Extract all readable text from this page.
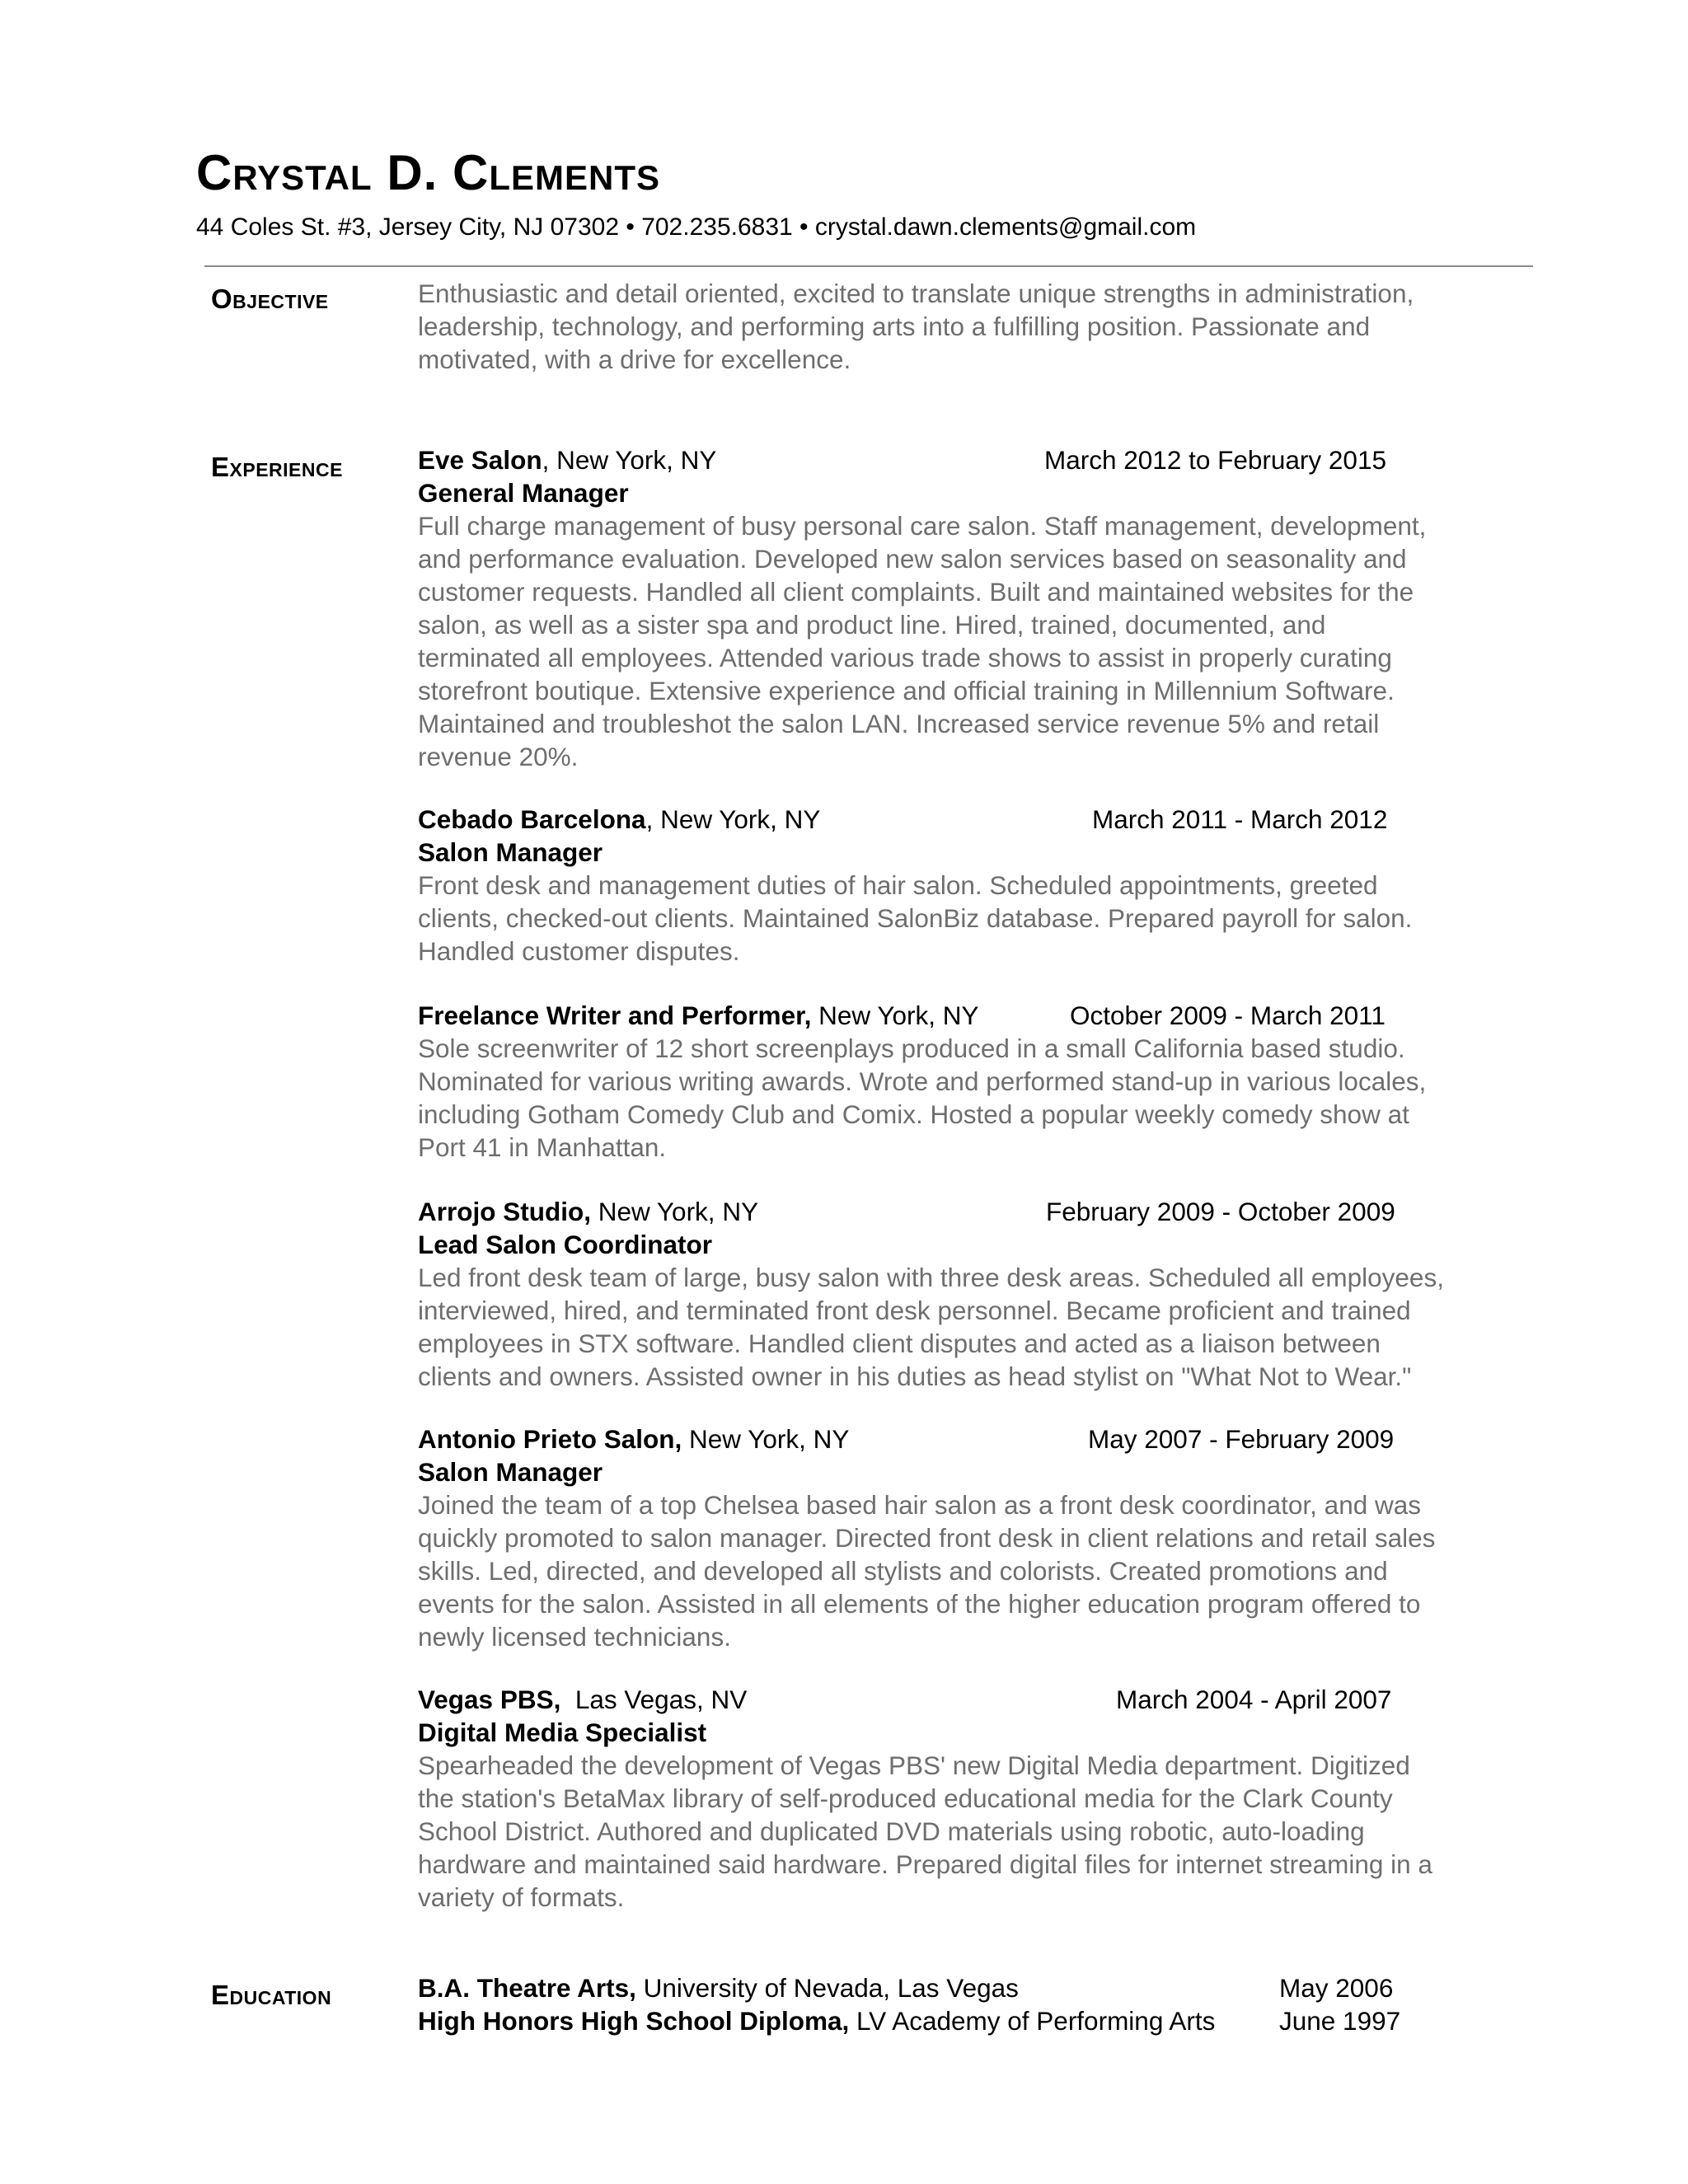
Crystal D. Clements
44 Coles St. #3, Jersey City, NJ 07302 • 702.235.6831 • crystal.dawn.clements@gmail.com
Objective	Enthusiastic and detail oriented, excited to translate unique strengths in administration,
leadership, technology, and performing arts into a fulfilling position. Passionate and
motivated, with a drive for excellence.
Experience	Eve Salon, New York, NY	March 2012 to February 2015
General Manager
Full charge management of busy personal care salon. Staff management, development,
and performance evaluation. Developed new salon services based on seasonality and
customer requests. Handled all client complaints. Built and maintained websites for the
salon, as well as a sister spa and product line. Hired, trained, documented, and
terminated all employees. Attended various trade shows to assist in properly curating
storefront boutique. Extensive experience and official training in Millennium Software.
Maintained and troubleshot the salon LAN. Increased service revenue 5% and retail
revenue 20%.
Cebado Barcelona, New York, NY	March 2011 - March 2012
Salon Manager
Front desk and management duties of hair salon. Scheduled appointments, greeted
clients, checked-out clients. Maintained SalonBiz database. Prepared payroll for salon.
Handled customer disputes.
Freelance Writer and Performer, New York, NY	October 2009 - March 2011
Sole screenwriter of 12 short screenplays produced in a small California based studio.
Nominated for various writing awards. Wrote and performed stand-up in various locales,
including Gotham Comedy Club and Comix. Hosted a popular weekly comedy show at
Port 41 in Manhattan.
Arrojo Studio, New York, NY	February 2009 - October 2009
Lead Salon Coordinator
Led front desk team of large, busy salon with three desk areas. Scheduled all employees,
interviewed, hired, and terminated front desk personnel. Became proficient and trained
employees in STX software. Handled client disputes and acted as a liaison between
clients and owners. Assisted owner in his duties as head stylist on "What Not to Wear."
Antonio Prieto Salon, New York, NY	May 2007 - February 2009
Salon Manager
Joined the team of a top Chelsea based hair salon as a front desk coordinator, and was
quickly promoted to salon manager. Directed front desk in client relations and retail sales
skills. Led, directed, and developed all stylists and colorists. Created promotions and
events for the salon. Assisted in all elements of the higher education program offered to
newly licensed technicians.
Vegas PBS,  Las Vegas, NV	March 2004 - April 2007
Digital Media Specialist
Spearheaded the development of Vegas PBS' new Digital Media department. Digitized
the station's BetaMax library of self-produced educational media for the Clark County
School District. Authored and duplicated DVD materials using robotic, auto-loading
hardware and maintained said hardware. Prepared digital files for internet streaming in a
variety of formats.
Education	B.A. Theatre Arts, University of Nevada, Las Vegas	May 2006
High Honors High School Diploma, LV Academy of Performing Arts June 1997
